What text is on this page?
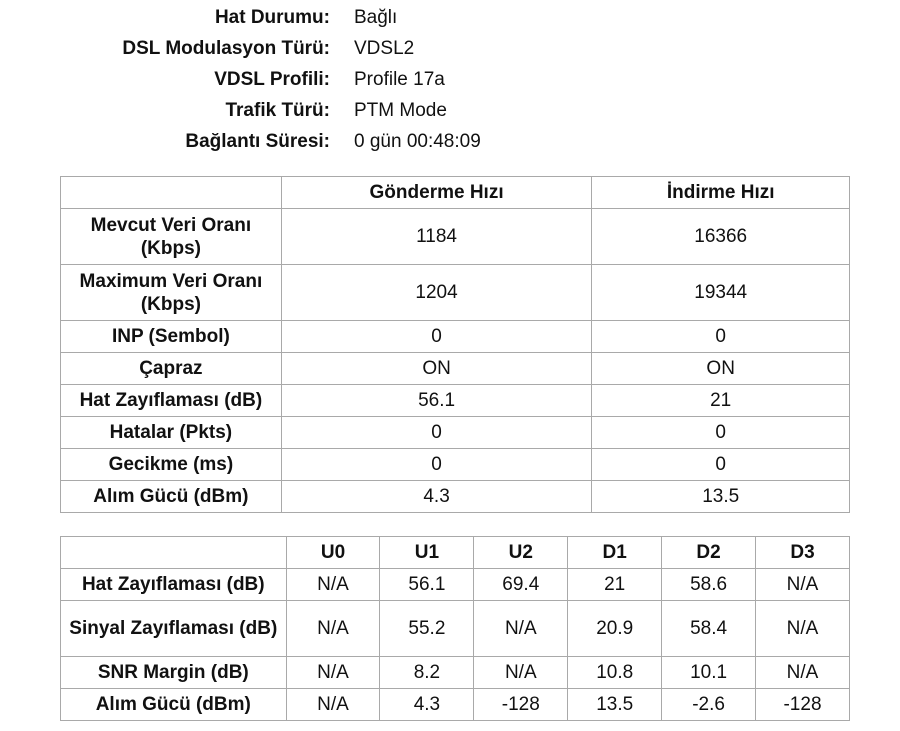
Hat Durumu: Bağlı
DSL Modulasyon Türü: VDSL2
VDSL Profili: Profile 17a
Trafik Türü: PTM Mode
Bağlantı Süresi: 0 gün 00:48:09
	Gönderme Hızı	İndirme Hızı
Mevcut Veri Oranı (Kbps)	1184	16366
Maximum Veri Oranı (Kbps)	1204	19344
INP (Sembol)	0	0
Çapraz	ON	ON
Hat Zayıflaması (dB)	56.1	21
Hatalar (Pkts)	0	0
Gecikme (ms)	0	0
Alım Gücü (dBm)	4.3	13.5
	U0	U1	U2	D1	D2	D3
Hat Zayıflaması (dB)	N/A	56.1	69.4	21	58.6	N/A
Sinyal Zayıflaması (dB)	N/A	55.2	N/A	20.9	58.4	N/A
SNR Margin (dB)	N/A	8.2	N/A	10.8	10.1	N/A
Alım Gücü (dBm)	N/A	4.3	-128	13.5	-2.6	-128
